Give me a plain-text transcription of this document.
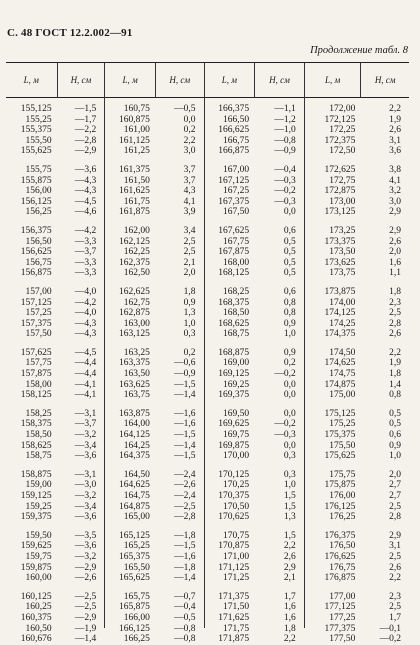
С. 48 ГОСТ 12.2.002—91
Продолжение табл. 8
L, м
155,125
155,25
155,375
155,50
155,625
155,75
155,875
156,00
156,125
156,25
156,375
156,50
156,625
156,75
156,875
157,00
157,125
157,25
157,375
157,50
157,625
157,75
157,875
158,00
158,125
158,25
158,375
158,50
158,625
158,75
158,875
159,00
159,125
159,25
159,375
159,50
159,625
159,75
159,875
160,00
160,125
160,25
160,375
160,50
160,676
H, см
—1,5
—1,7
—2,2
—2,8
—2,9
—3,6
—4,3
—4,3
—4,5
—4,6
—4,2
—3,3
—3,7
—3,3
—3,3
—4,0
—4,2
—4,0
—4,3
—4,3
—4,5
—4,4
—4,4
—4,1
—4,1
—3,1
—3,7
—3,2
—3,4
—3,6
—3,1
—3,0
—3,2
—3,4
—3,6
—3,5
—3,6
—3,2
—2,9
—2,6
—2,5
—2,5
—2,9
—1,9
—1,4
L, м
160,75
160,875
161,00
161,125
161,25
161,375
161,50
161,625
161,75
161,875
162,00
162,125
162,25
162,375
162,50
162,625
162,75
162,875
163,00
163,125
163,25
163,375
163,50
163,625
163,75
163,875
164,00
164,125
164,25
164,375
164,50
164,625
164,75
164,875
165,00
165,125
165,25
165,375
165,50
165,625
165,75
165,875
166,00
166,125
166,25
H, см
—0,5
0,0
0,2
2,2
3,0
3,7
3,7
4,3
4,1
3,9
3,4
2,5
2,5
2,1
2,0
1,8
0,9
1,3
1,0
0,3
0,2
—0,6
—0,9
—1,5
—1,4
—1,6
—1,6
—1,5
—1,4
—1,5
—2,4
—2,6
—2,4
—2,5
—2,8
—1,8
—1,5
—1,6
—1,8
—1,4
—0,7
—0,4
—0,5
—0,8
—0,8
L, м
166,375
166,50
166,625
166,75
166,875
167,00
167,125
167,25
167,375
167,50
167,625
167,75
167,875
168,00
168,125
168,25
168,375
168,50
168,625
168,75
168,875
169,00
169,125
169,25
169,375
169,50
169,625
169,75
169,875
170,00
170,125
170,25
170,375
170,50
170,625
170,75
170,875
171,00
171,125
171,25
171,375
171,50
171,625
171,75
171,875
H, см
—1,1
—1,2
—1,0
—0,8
—0,9
—0,4
—0,3
—0,2
—0,3
0,0
0,6
0,5
0,5
0,5
0,5
0,6
0,8
0,8
0,9
1,0
0,9
0,2
—0,2
0,0
0,0
0,0
—0,2
—0,3
0,0
0,3
0,3
1,0
1,5
1,5
1,3
1,5
2,2
2,6
2,9
2,1
1,7
1,6
1,6
1,8
2,2
L, м
172,00
172,125
172,25
172,375
172,50
172,625
172,75
172,875
173,00
173,125
173,25
173,375
173,50
173,625
173,75
173,875
174,00
174,125
174,25
174,375
174,50
174,625
174,75
174,875
175,00
175,125
175,25
175,375
175,50
175,625
175,75
175,875
176,00
176,125
176,25
176,375
176,50
176,625
176,75
176,875
177,00
177,125
177,25
177,375
177,50
H, см
2,2
1,9
2,6
3,1
3,6
3,8
4,1
3,2
3,0
2,9
2,9
2,6
2,0
1,6
1,1
1,8
2,3
2,5
2,8
2,6
2,2
1,9
1,8
1,4
0,8
0,5
0,5
0,6
0,9
1,0
2,0
2,7
2,7
2,5
2,8
2,9
3,1
2,5
2,6
2,2
2,3
2,5
1,7
—0,1
—0,2
